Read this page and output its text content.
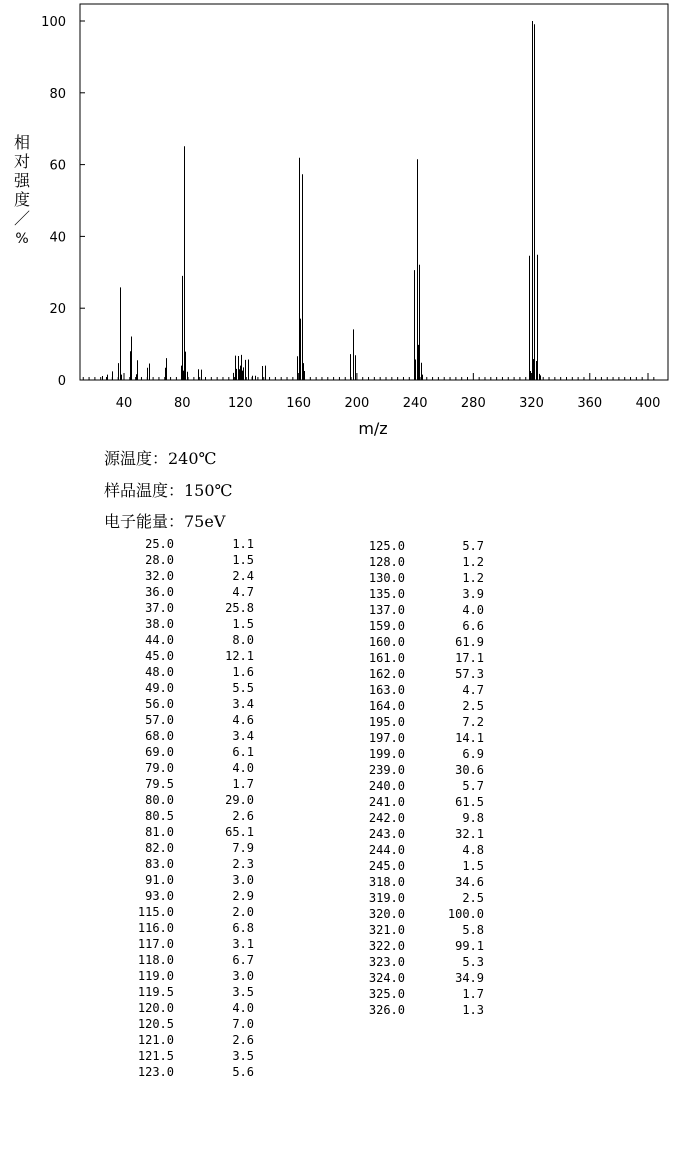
0
20
40
60
80
100
40	80	120	160	200	240	280	320	360	400
m/z
相对强度／%
源温度：240℃
样品温度：150℃
电子能量：75eV
25.0	1.1
28.0	1.5
32.0	2.4
36.0	4.7
37.0	25.8
38.0	1.5
44.0	8.0
45.0	12.1
48.0	1.6
49.0	5.5
56.0	3.4
57.0	4.6
68.0	3.4
69.0	6.1
79.0	4.0
79.5	1.7
80.0	29.0
80.5	2.6
81.0	65.1
82.0	7.9
83.0	2.3
91.0	3.0
93.0	2.9
115.0	2.0
116.0	6.8
117.0	3.1
118.0	6.7
119.0	3.0
119.5	3.5
120.0	4.0
120.5	7.0
121.0	2.6
121.5	3.5
123.0	5.6
125.0	5.7
128.0	1.2
130.0	1.2
135.0	3.9
137.0	4.0
159.0	6.6
160.0	61.9
161.0	17.1
162.0	57.3
163.0	4.7
164.0	2.5
195.0	7.2
197.0	14.1
199.0	6.9
239.0	30.6
240.0	5.7
241.0	61.5
242.0	9.8
243.0	32.1
244.0	4.8
245.0	1.5
318.0	34.6
319.0	2.5
320.0	100.0
321.0	5.8
322.0	99.1
323.0	5.3
324.0	34.9
325.0	1.7
326.0	1.3
